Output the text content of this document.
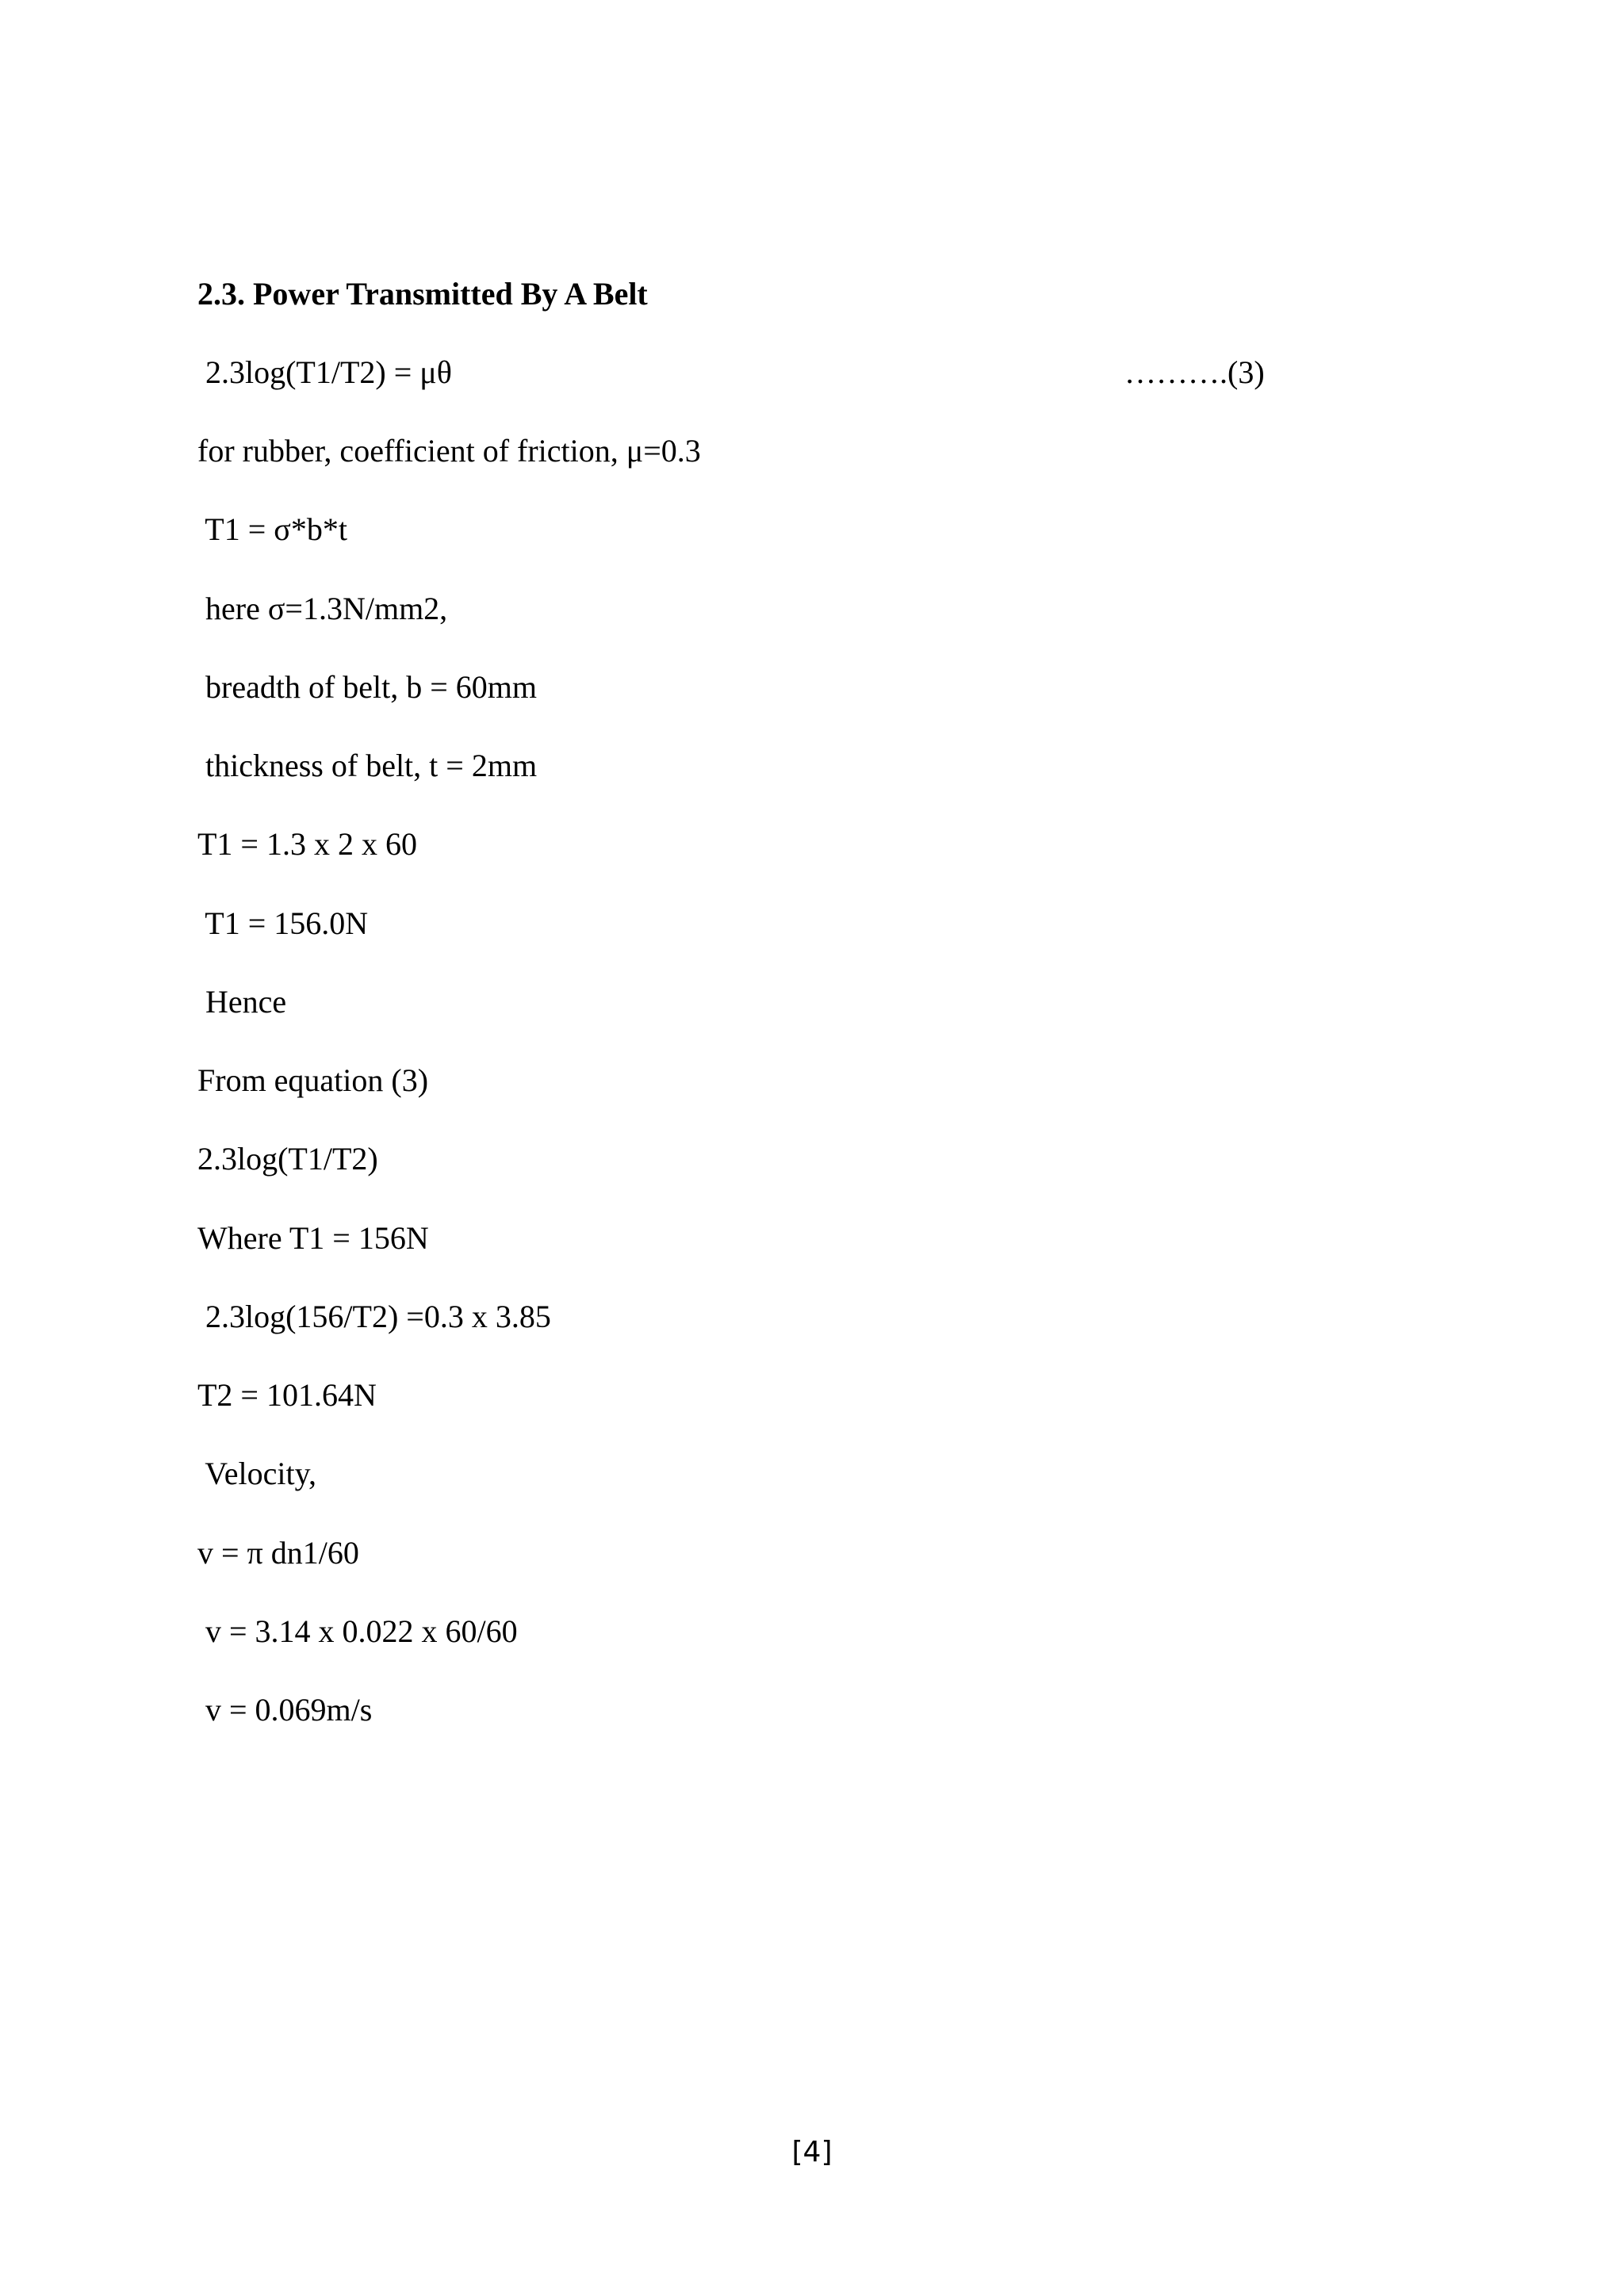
2.3. Power Transmitted By A Belt
2.3log(T1/T2) = μθ	……….(3)
for rubber, coefficient of friction, μ=0.3
T1 = σ*b*t
here σ=1.3N/mm2,
breadth of belt, b = 60mm
thickness of belt, t = 2mm
T1 = 1.3 x 2 x 60
T1 = 156.0N
Hence
From equation (3)
2.3log(T1/T2)
Where T1 = 156N
2.3log(156/T2) =0.3 x 3.85
T2 = 101.64N
Velocity,
v = π dn1/60
v = 3.14 x 0.022 x 60/60
v = 0.069m/s
[4]
